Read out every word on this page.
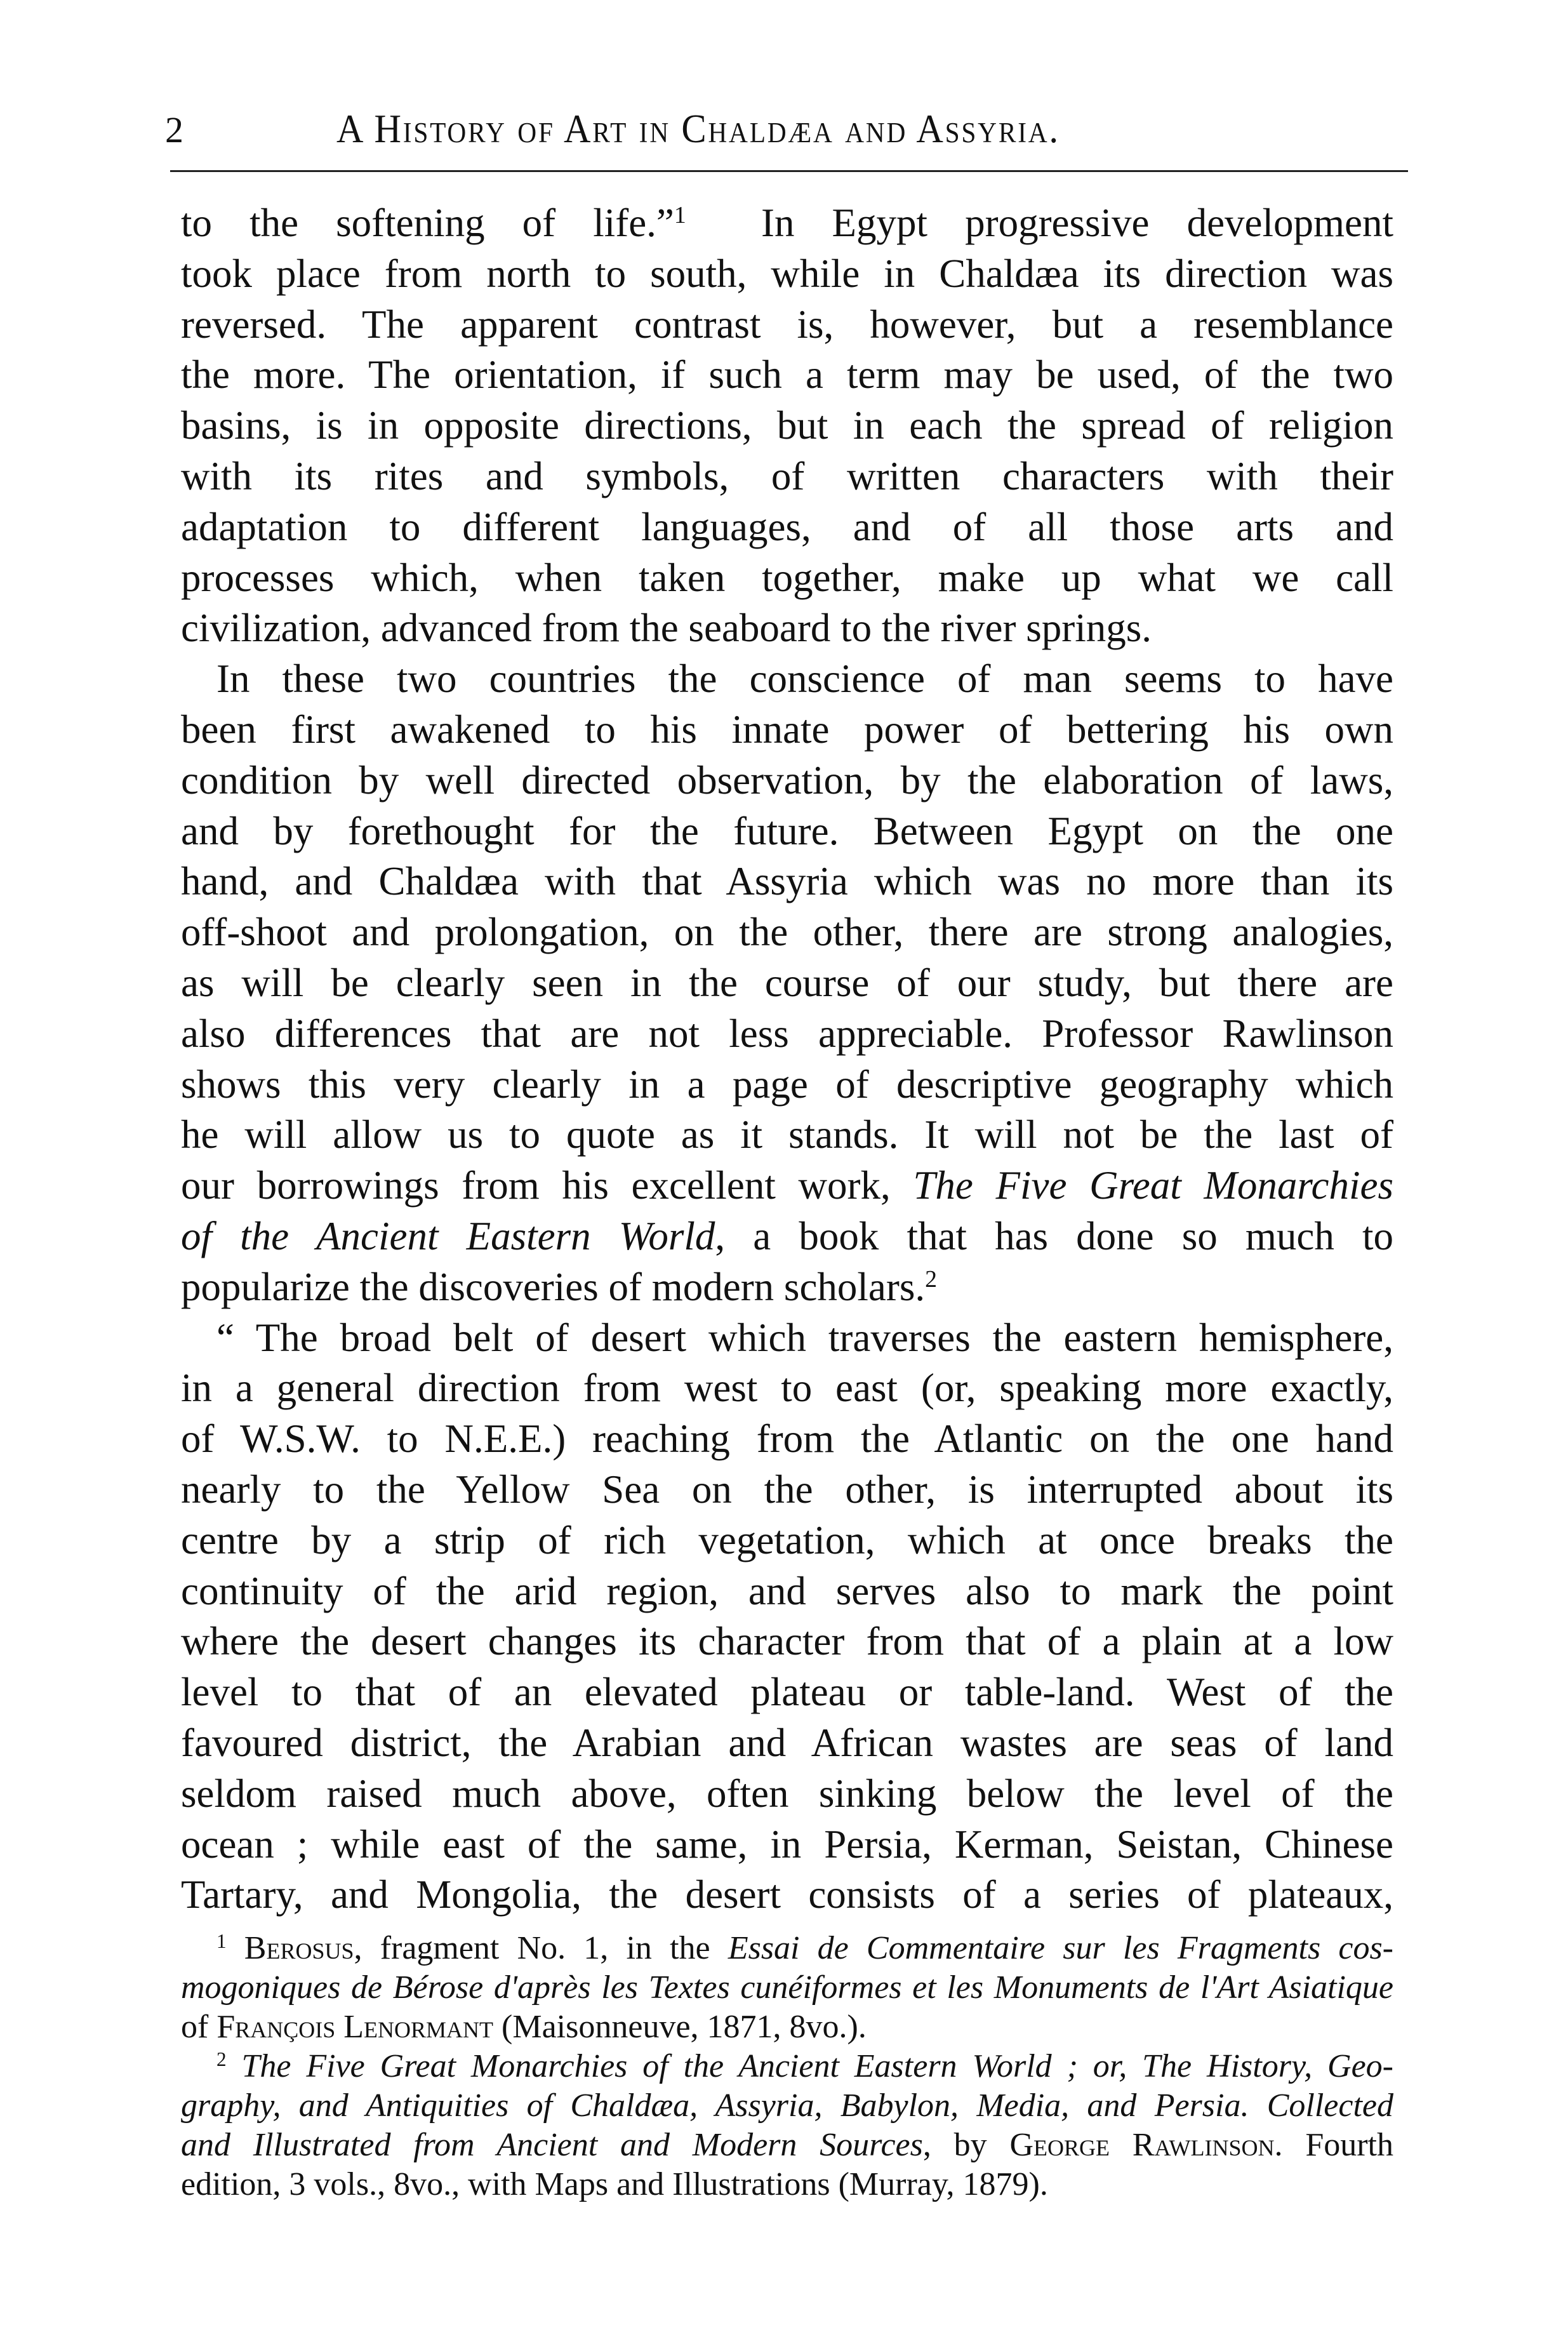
2	A History of Art in Chaldæa and Assyria.
to the softening of life.”$^1$  In Egypt progressive development
took place from north to south, while in Chaldæa its direction was
reversed. The apparent contrast is, however, but a resemblance
the more. The orientation, if such a term may be used, of the two
basins, is in opposite directions, but in each the spread of religion
with its rites and symbols, of written characters with their
adaptation to different languages, and of all those arts and
processes which, when taken together, make up what we call
civilization, advanced from the seaboard to the river springs.
In these two countries the conscience of man seems to have
been first awakened to his innate power of bettering his own
condition by well directed observation, by the elaboration of laws,
and by forethought for the future. Between Egypt on the one
hand, and Chaldæa with that Assyria which was no more than its
off-shoot and prolongation, on the other, there are strong analogies,
as will be clearly seen in the course of our study, but there are
also differences that are not less appreciable. Professor Rawlinson
shows this very clearly in a page of descriptive geography which
he will allow us to quote as it stands. It will not be the last of
our borrowings from his excellent work, The Five Great Monarchies
of the Ancient Eastern World, a book that has done so much to
popularize the discoveries of modern scholars.$^2$
“ The broad belt of desert which traverses the eastern hemisphere,
in a general direction from west to east (or, speaking more exactly,
of W.S.W. to N.E.E.) reaching from the Atlantic on the one hand
nearly to the Yellow Sea on the other, is interrupted about its
centre by a strip of rich vegetation, which at once breaks the
continuity of the arid region, and serves also to mark the point
where the desert changes its character from that of a plain at a low
level to that of an elevated plateau or table-land. West of the
favoured district, the Arabian and African wastes are seas of land
seldom raised much above, often sinking below the level of the
ocean ; while east of the same, in Persia, Kerman, Seistan, Chinese
Tartary, and Mongolia, the desert consists of a series of plateaux,
$^1$ Berosus, fragment No. 1, in the Essai de Commentaire sur les Fragments cos-
mogoniques de Bérose d'après les Textes cunéiformes et les Monuments de l'Art Asiatique
of François Lenormant (Maisonneuve, 1871, 8vo.).
$^2$ The Five Great Monarchies of the Ancient Eastern World ; or, The History, Geo-
graphy, and Antiquities of Chaldæa, Assyria, Babylon, Media, and Persia. Collected
and Illustrated from Ancient and Modern Sources, by George Rawlinson. Fourth
edition, 3 vols., 8vo., with Maps and Illustrations (Murray, 1879).
